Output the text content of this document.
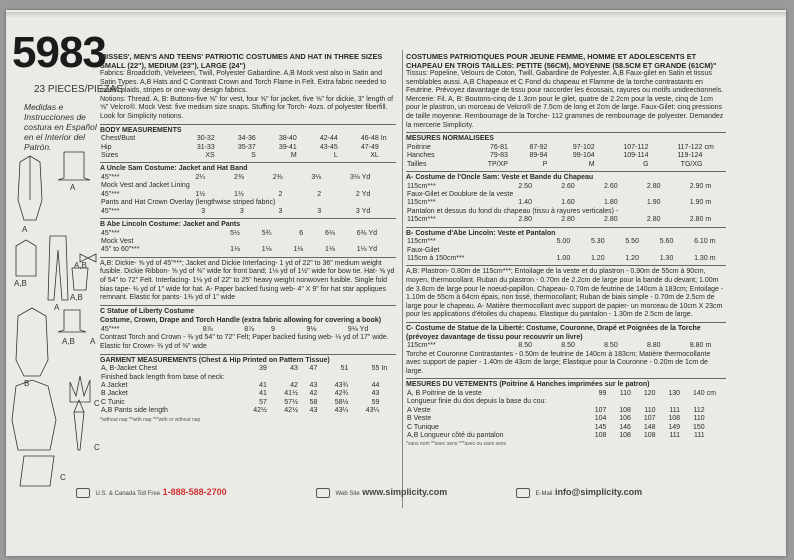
5983
23 PIECES/PIEZAS
Medidas e Instrucciones de costura en Español en el Interior del Patrón.
A
A
A,B
A
A,B
A,B
A,B A
B
C
C
C
MISSES', MEN'S AND TEENS' PATRIOTIC COSTUMES AND HAT IN THREE SIZES SMALL (22"), MEDIUM (23"), LARGE (24")
Fabrics: Broadcloth, Velveteen, Twill, Polyester Gabardine. A,B Mock vest also in Satin and Satin Types. A,B Hats and C Contrast Crown and Torch Flame in Felt. Extra fabric needed to match plaids, stripes or one-way design fabrics.
Notions: Thread. A, B: Buttons-five ⅝" for vest, four ⅝" for jacket, five ⅝" for dickie, 3" length of ⅝" Velcro®. Mock Vest: five medium size snaps. Stuffing for Torch- 4ozs. of polyester fiberfill. Look for Simplicity notions.
BODY MEASUREMENTS
Chest/Bust	30-32	34-36	38-40	42-44	46-48	In
Hip	31-33	35-37	39-41	43-45	47-49	
Sizes	XS	S	M	L	XL	
A Uncle Sam Costume: Jacket and Hat Band
45"***	2¼	2⅜	2⅜	3⅛	3⅛	Yd
Mock Vest and Jacket Lining						
45"***	1½	1½	2	2	2	Yd
Pants and Hat Crown Overlay (lengthwise striped fabric)						
45"***	3	3	3	3	3	Yd
B Abe Lincoln Costume: Jacket and Pants
45"***	5½	5¾	6	6⅛	6⅜	Yd
Mock Vest						
45" to 60"***	1⅛	1⅛	1⅛	1⅛	1⅛	Yd
A,B: Dickie- ⅝ yd of 45"***; Jacket and Dickie Interfacing- 1 yd of 22" to 36" medium weight fusible. Dickie Ribbon- ⅝ yd of ⅜" wide for front band; 1⅛ yd of 1½" wide for bow tie. Hat- ⅝ yd of 54" to 72" Felt. Interfacing- 1⅛ yd of 22" to 25" heavy weight nonwoven fusible. Single fold bias tape- ⅜ yd of 1" wide for hat. A- Paper backed fusing web- 4" X 9" for hat star appliques remnant. Elastic for pants- 1⅜ yd of 1" wide
C Statue of Liberty Costume
Costume, Crown, Drape and Torch Handle (extra fabric allowing for covering a book)
45"***	8⅞	8⅞	9	9⅛	9⅛	Yd
Contrast Torch and Crown - ⅜ yd 54" to 72" Felt; Paper backed fusing web- ⅛ yd of 17" wide. Elastic for Crown- ⅜ yd of ⅜" wide
GARMENT MEASUREMENTS (Chest & Hip Printed on Pattern Tissue)
A, B-Jacket Chest	39	43	47	51	55	In
Finished back length from base of neck:						
A Jacket	41	42	43	43¾	44	
B Jacket	41	41½	42	42¾	43	
C Tunic	57	57½	58	58½	59	
A,B Pants side length	42½	42½	43	43¼	43¼	
*without nap **with nap ***with or without nap
COSTUMES PATRIOTIQUES POUR JEUNE FEMME, HOMME ET ADOLESCENTS ET CHAPEAU EN TROIS TAILLES: PETITE (56CM), MOYENNE (58.5CM ET GRANDE (61CM)"
Tissus: Popeline, Velours de Coton, Twill, Gabardine de Polyester. A,B Faux-gilet en Satin et tissus semblables aussi. A,B Chapeaux et C Fond du chapeau et Flamme de la torche contrastants en Feutrine. Prévoyez davantage de tissu pour raccorder les écossais, rayures ou motifs unidirectionnels.
Mercerie: Fil. A, B: Boutons-cinq de 1.3cm pour le gilet, quatre de 2.2cm pour la veste, cinq de 1cm pour le plastron, un morceau de Velcro® de 7.5cm de long et 2cm de large. Faux-Gilet: cinq pressions de taille moyenne. Rembourrage de la Torche- 112 grammes de rembourrage de polyester. Demandez la mercerie Simplicity.
MESURES NORMALISEES
Poitrine	76-81	87-92	97-102	107-112	117-122	cm
Hanches	79-83	89-94	99-104	109-114	119-124	
Tailles	TP/XP	P	M	G	TG/XG	
A- Costume de l'Oncle Sam: Veste et Bande du Chapeau
115cm***	2.50	2.60	2.60	2.80	2.90	m
Faux-Gilet et Doublure de la veste						
115cm***	1.40	1.60	1.80	1.90	1.90	m
Pantalon et dessus du fond du chapeau (tissu à rayures verticales) -						
115cm***	2.80	2.80	2.80	2.80	2.80	m
B- Costume d'Abe Lincoln: Veste et Pantalon
115cm***	5.00	5.30	5.50	5.60	6.10	m
Faux-Gilet						
115cm à 150cm***	1.00	1.20	1.20	1.30	1.30	m
A,B: Plastron- 0.80m de 115cm***; Entoilage de la veste et du plastron - 0.90m de 55cm à 90cm, moyen, thermocollant. Ruban du plastron - 0.70m de 2.2cm de large pour la bande du devant; 1.00m de 3.8cm de large pour le noeud-papillon. Chapeau- 0.70m de feutrine de 140cm à 183cm; Entoilage - 1.10m de 55cm à 64cm épais, non tissé, thermocollant; Ruban de biais simple - 0.70m de 2.5cm de large pour le chapeau. A- Matière thermocollant avec support de papier- un morceau de 10cm X 23cm pour les applications d'étoiles du chapeau. Elastique du pantalon - 1.30m de 2.5cm de large.
C- Costume de Statue de la Liberté: Costume, Couronne, Drapé et Poignées de la Torche (prévoyez davantage de tissu pour recouvrir un livre)
115cm***	8.50	8.50	8.50	8.80	8.80	m
Torche et Couronne Contrastantes - 0.50m de feutrine de 140cm à 183cm; Matière thermocollante avec support de papier - 1.40m de 43cm de large; Elastique pour la Couronne - 0.20m de 1cm de large.
MESURES DU VETEMENTS (Poitrine & Hanches imprimées sur le patron)
A, B Poitrine de la veste	99	110	120	130	140	cm
Longueur finie du dos depuis la base du cou:						
A Veste	107	108	110	111	112	
B Veste	104	106	107	108	110	
C Tunique	145	146	148	149	150	
A,B Longueur côté du pantalon	108	108	108	111	111	
*sans nom **avec sens ***avec ou sans sens
U.S. & Canada Toll Free 1-888-588-2700	Web Site www.simplicity.com	E-Mail info@simplicity.com
